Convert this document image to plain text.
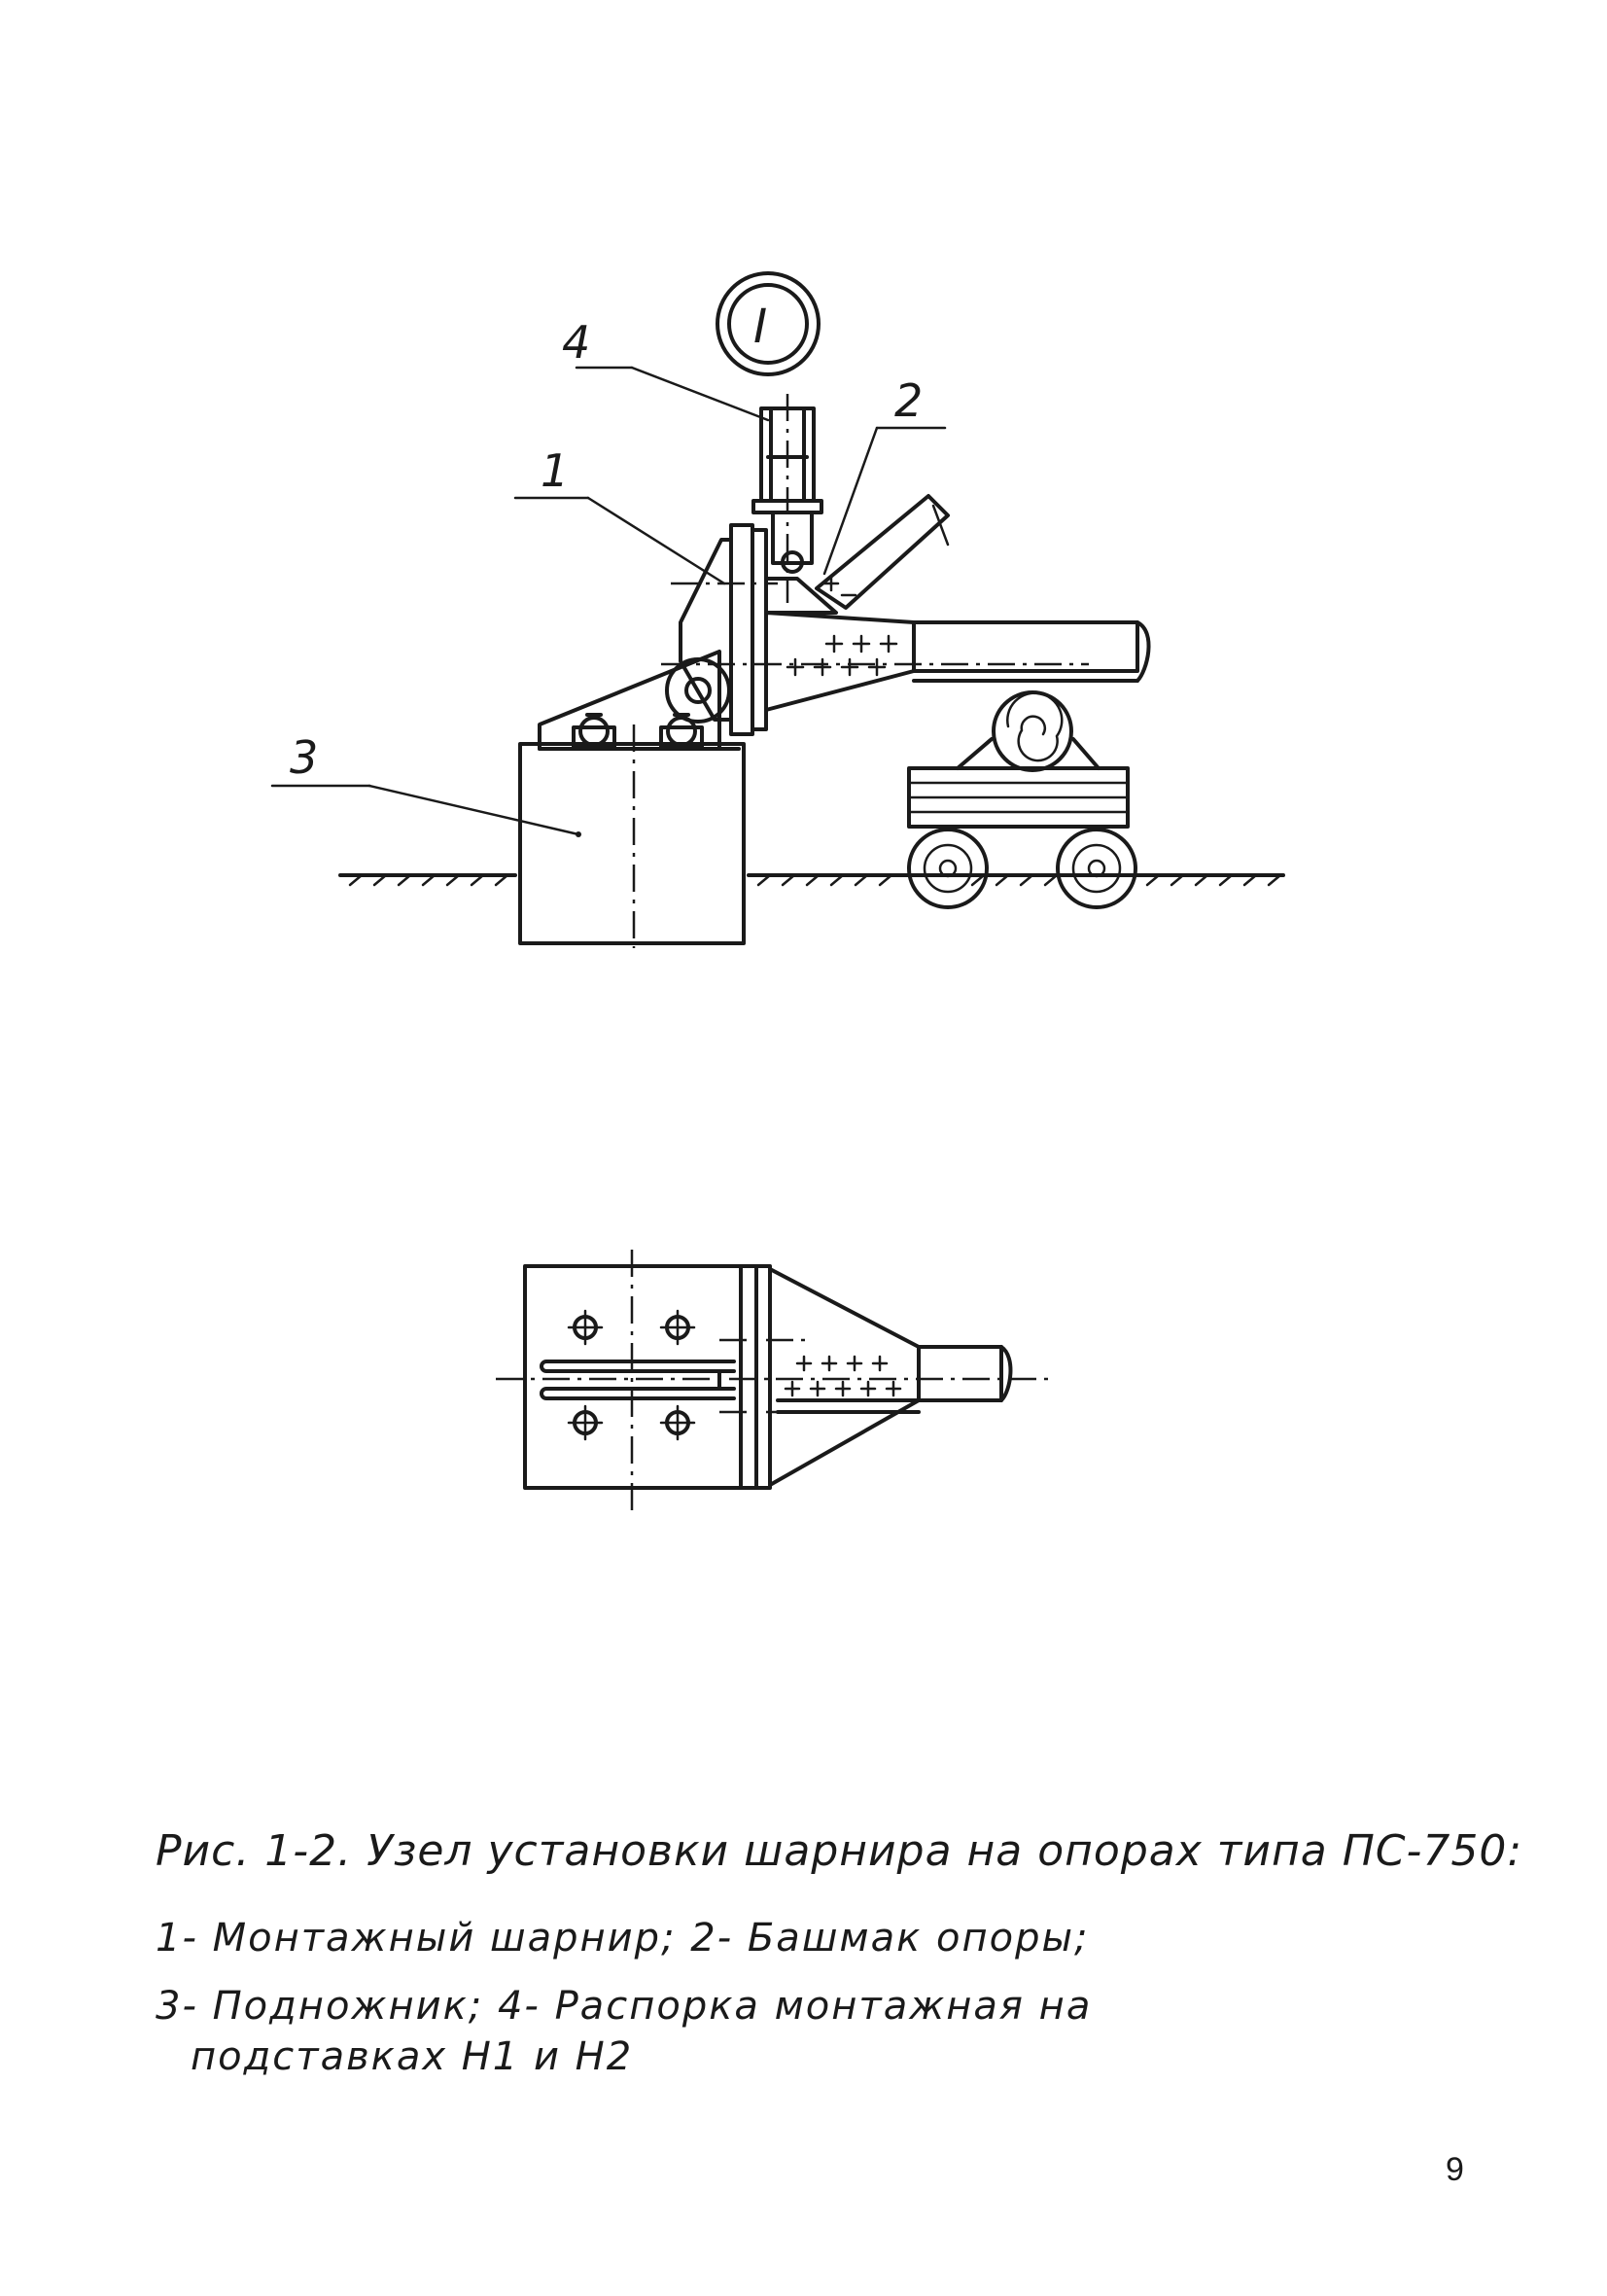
I
4
1
2
3
Рис. 1-2. Узел установки шарнира на опорах типа ПС-750:
1- Монтажный шарнир; 2- Башмак опоры;
3- Подножник; 4- Распорка монтажная на
подставках Н1 и Н2
9
